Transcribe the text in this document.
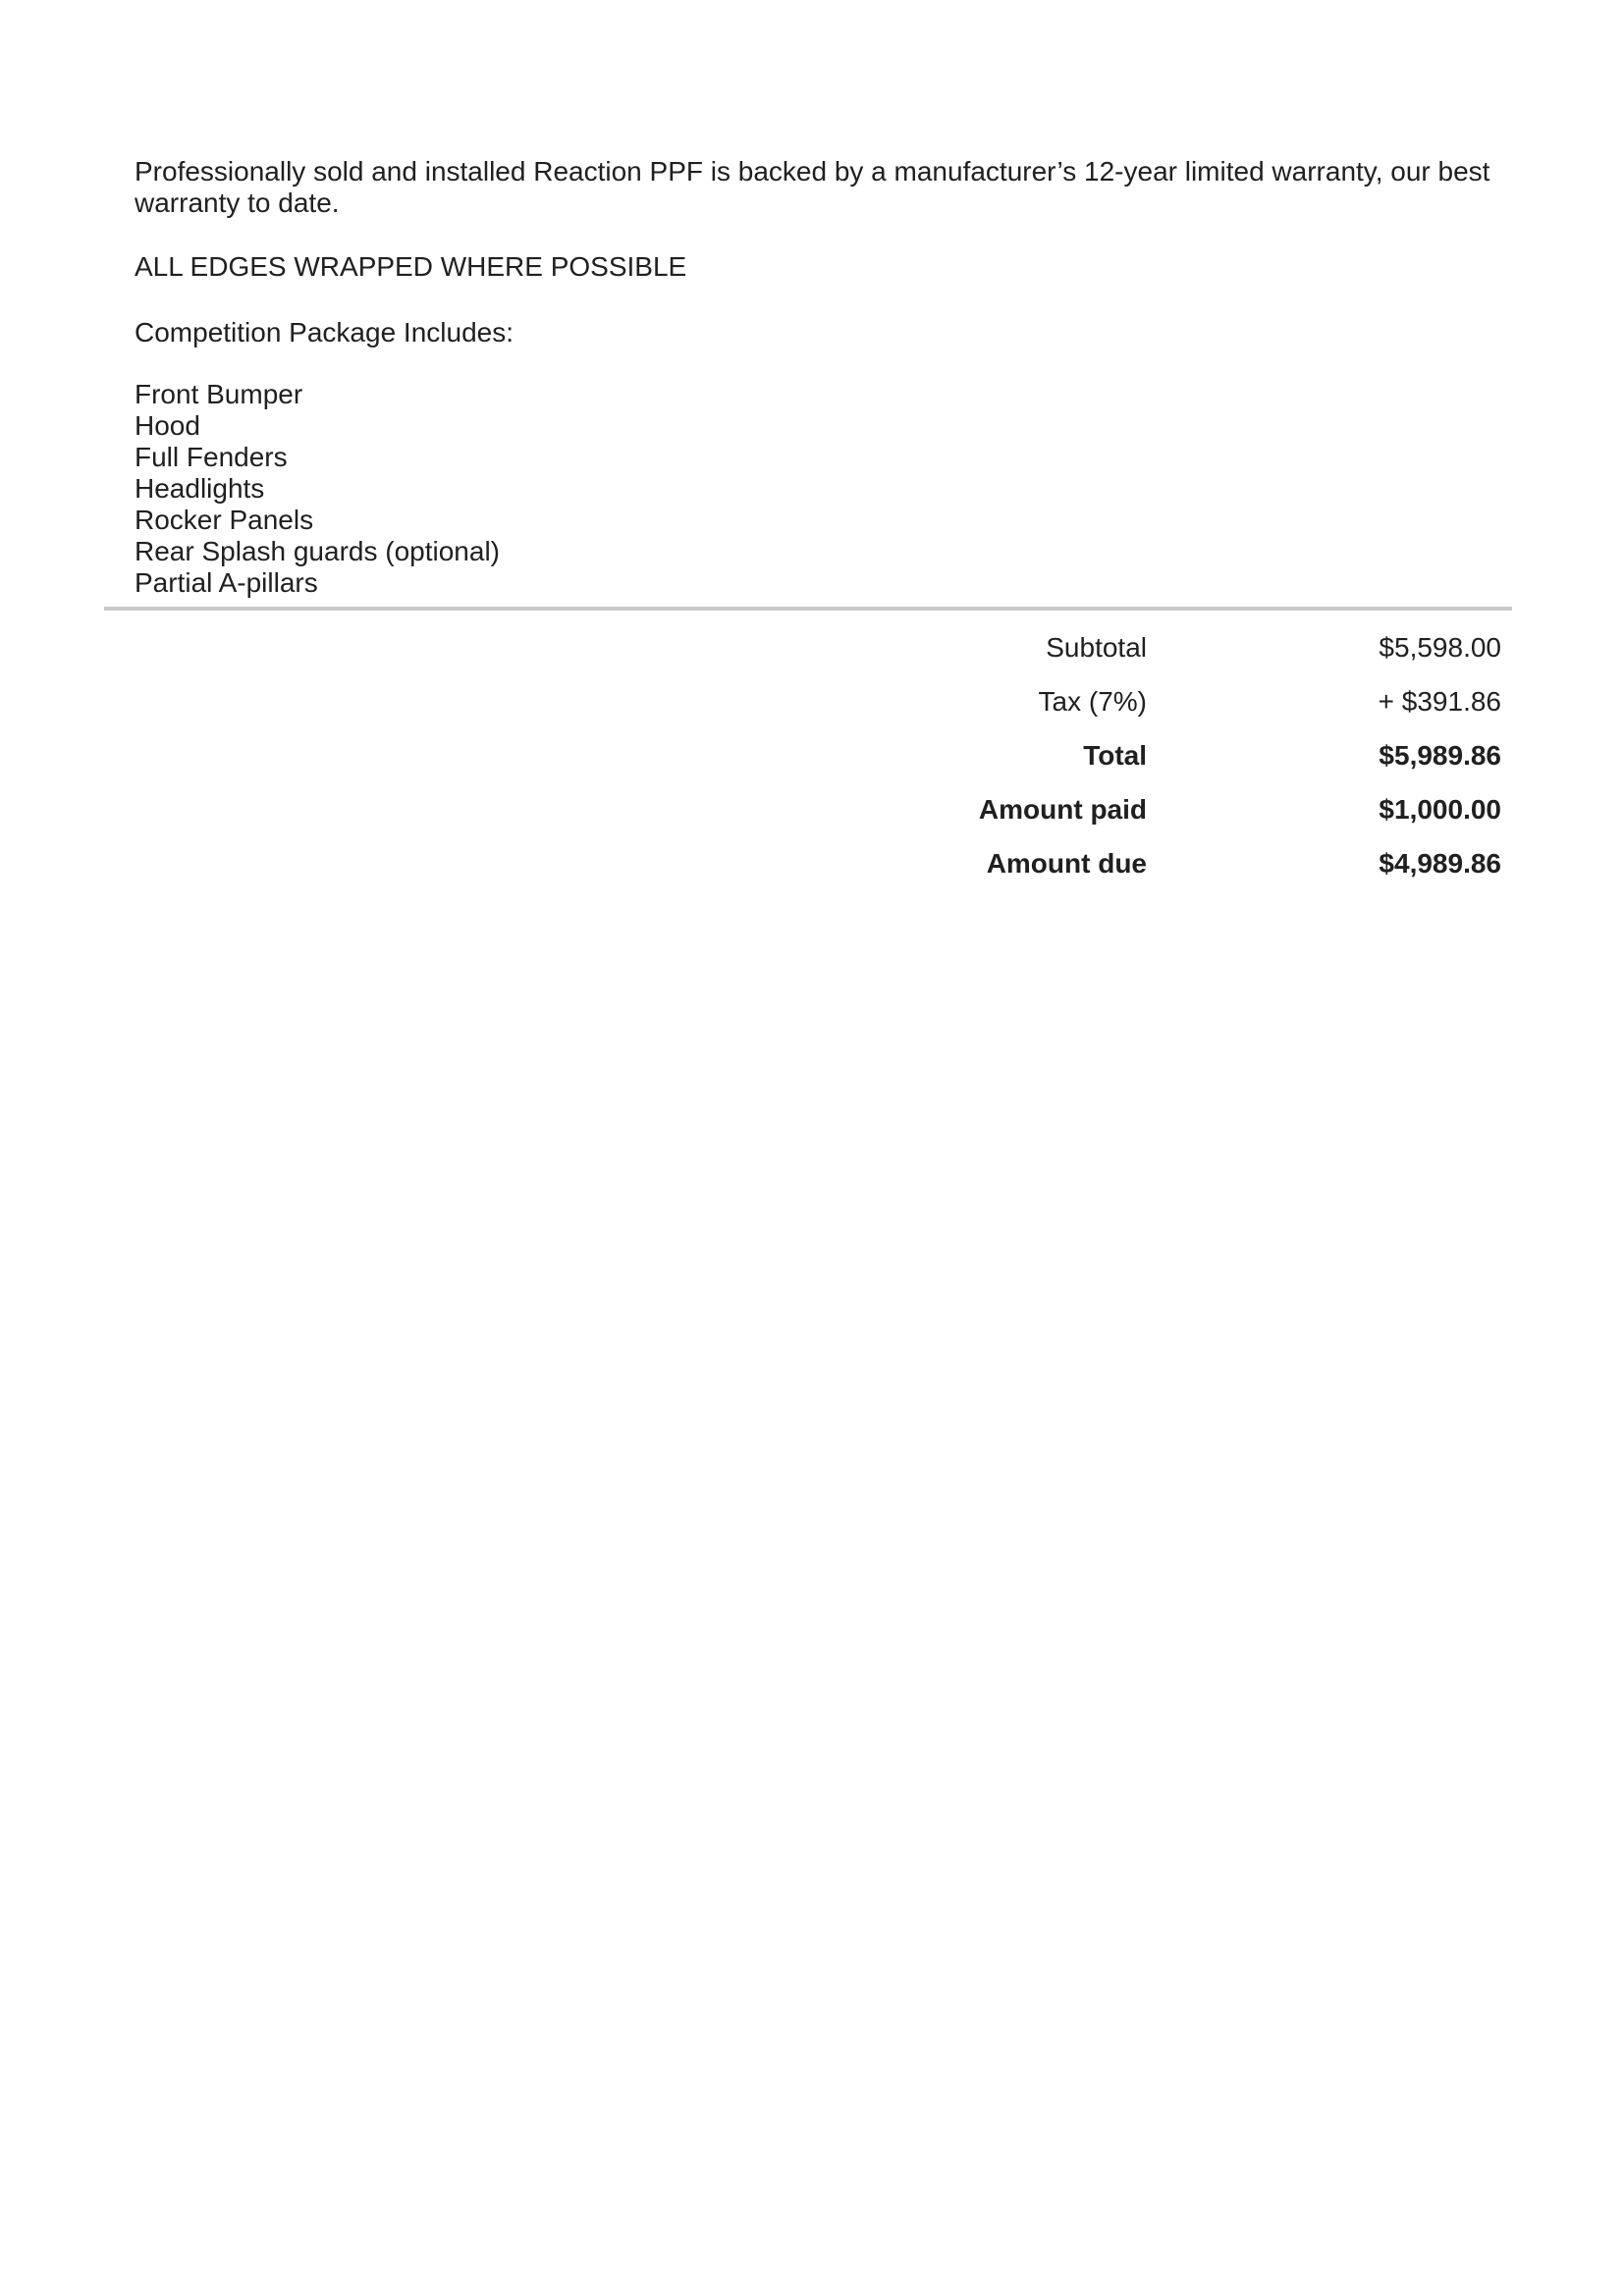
Professionally sold and installed Reaction PPF is backed by a manufacturer’s 12-year limited warranty, our best warranty to date.

ALL EDGES WRAPPED WHERE POSSIBLE

Competition Package Includes:

Front Bumper
Hood
Full Fenders
Headlights
Rocker Panels
Rear Splash guards (optional)
Partial A-pillars
Subtotal	$5,598.00
Tax (7%)	+ $391.86
Total	$5,989.86
Amount paid	$1,000.00
Amount due	$4,989.86
